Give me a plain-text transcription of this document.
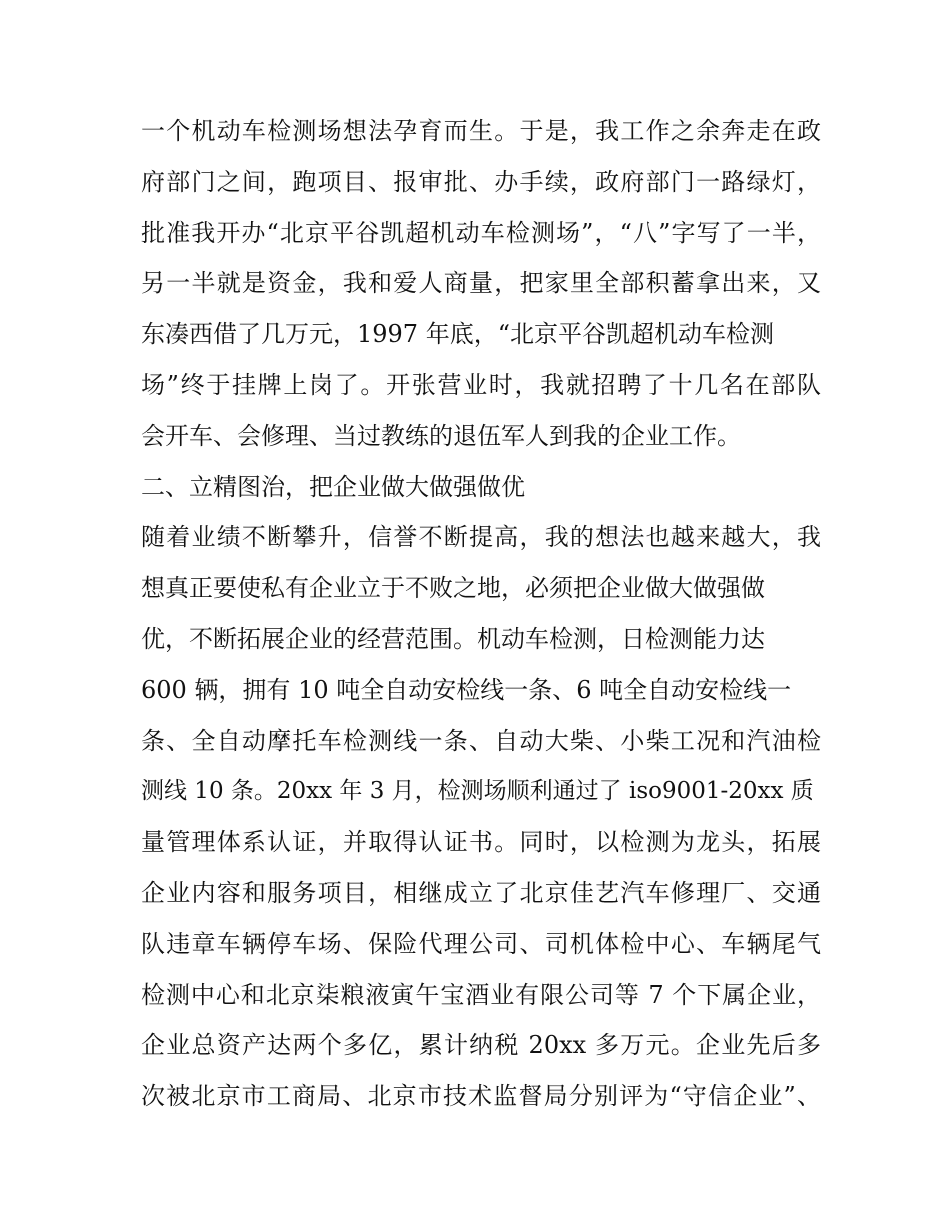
一个机动车检测场想法孕育而生。于是，我工作之余奔走在政
府部门之间，跑项目、报审批、办手续，政府部门一路绿灯，
批准我开办“北京平谷凯超机动车检测场”，“八”字写了一半，
另一半就是资金，我和爱人商量，把家里全部积蓄拿出来，又
东凑西借了几万元，1997 年底，“北京平谷凯超机动车检测
场”终于挂牌上岗了。开张营业时，我就招聘了十几名在部队
会开车、会修理、当过教练的退伍军人到我的企业工作。
二、立精图治，把企业做大做强做优
随着业绩不断攀升，信誉不断提高，我的想法也越来越大，我
想真正要使私有企业立于不败之地，必须把企业做大做强做
优，不断拓展企业的经营范围。机动车检测，日检测能力达
600 辆，拥有 10 吨全自动安检线一条、6 吨全自动安检线一
条、全自动摩托车检测线一条、自动大柴、小柴工况和汽油检
测线 10 条。20xx 年 3 月，检测场顺利通过了 iso9001-20xx 质
量管理体系认证，并取得认证书。同时，以检测为龙头，拓展
企业内容和服务项目，相继成立了北京佳艺汽车修理厂、交通
队违章车辆停车场、保险代理公司、司机体检中心、车辆尾气
检测中心和北京柒粮液寅午宝酒业有限公司等 7 个下属企业，
企业总资产达两个多亿，累计纳税 20xx 多万元。企业先后多
次被北京市工商局、北京市技术监督局分别评为“守信企业”、
